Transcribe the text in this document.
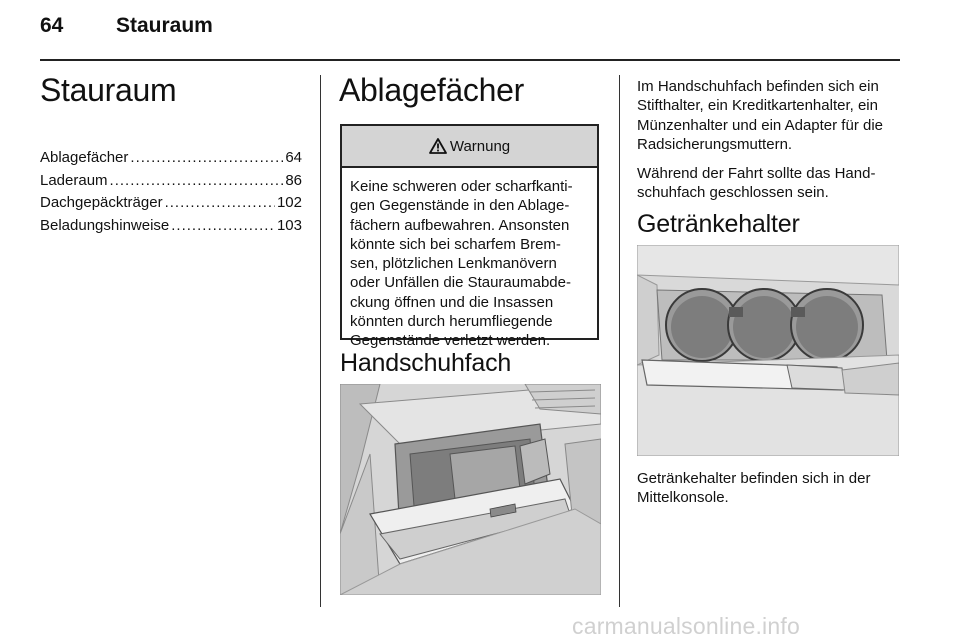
64	Stauraum
Stauraum
Ablagefächer .....	64
Laderaum .....	86
Dachgepäckträger .....	102
Beladungshinweise .....	103
Ablagefächer
Warnung
Keine schweren oder scharfkanti-
gen Gegenstände in den Ablage-
fächern aufbewahren. Ansonsten
könnte sich bei scharfem Brem-
sen, plötzlichen Lenkmanövern
oder Unfällen die Stauraumabde-
ckung öffnen und die Insassen
könnten durch herumfliegende
Gegenstände verletzt werden.
Handschuhfach
Im Handschuhfach befinden sich ein
Stifthalter, ein Kreditkartenhalter, ein
Münzenhalter und ein Adapter für die
Radsicherungsmuttern.
Während der Fahrt sollte das Hand-
schuhfach geschlossen sein.
Getränkehalter
Getränkehalter befinden sich in der
Mittelkonsole.
carmanualsonline.info
